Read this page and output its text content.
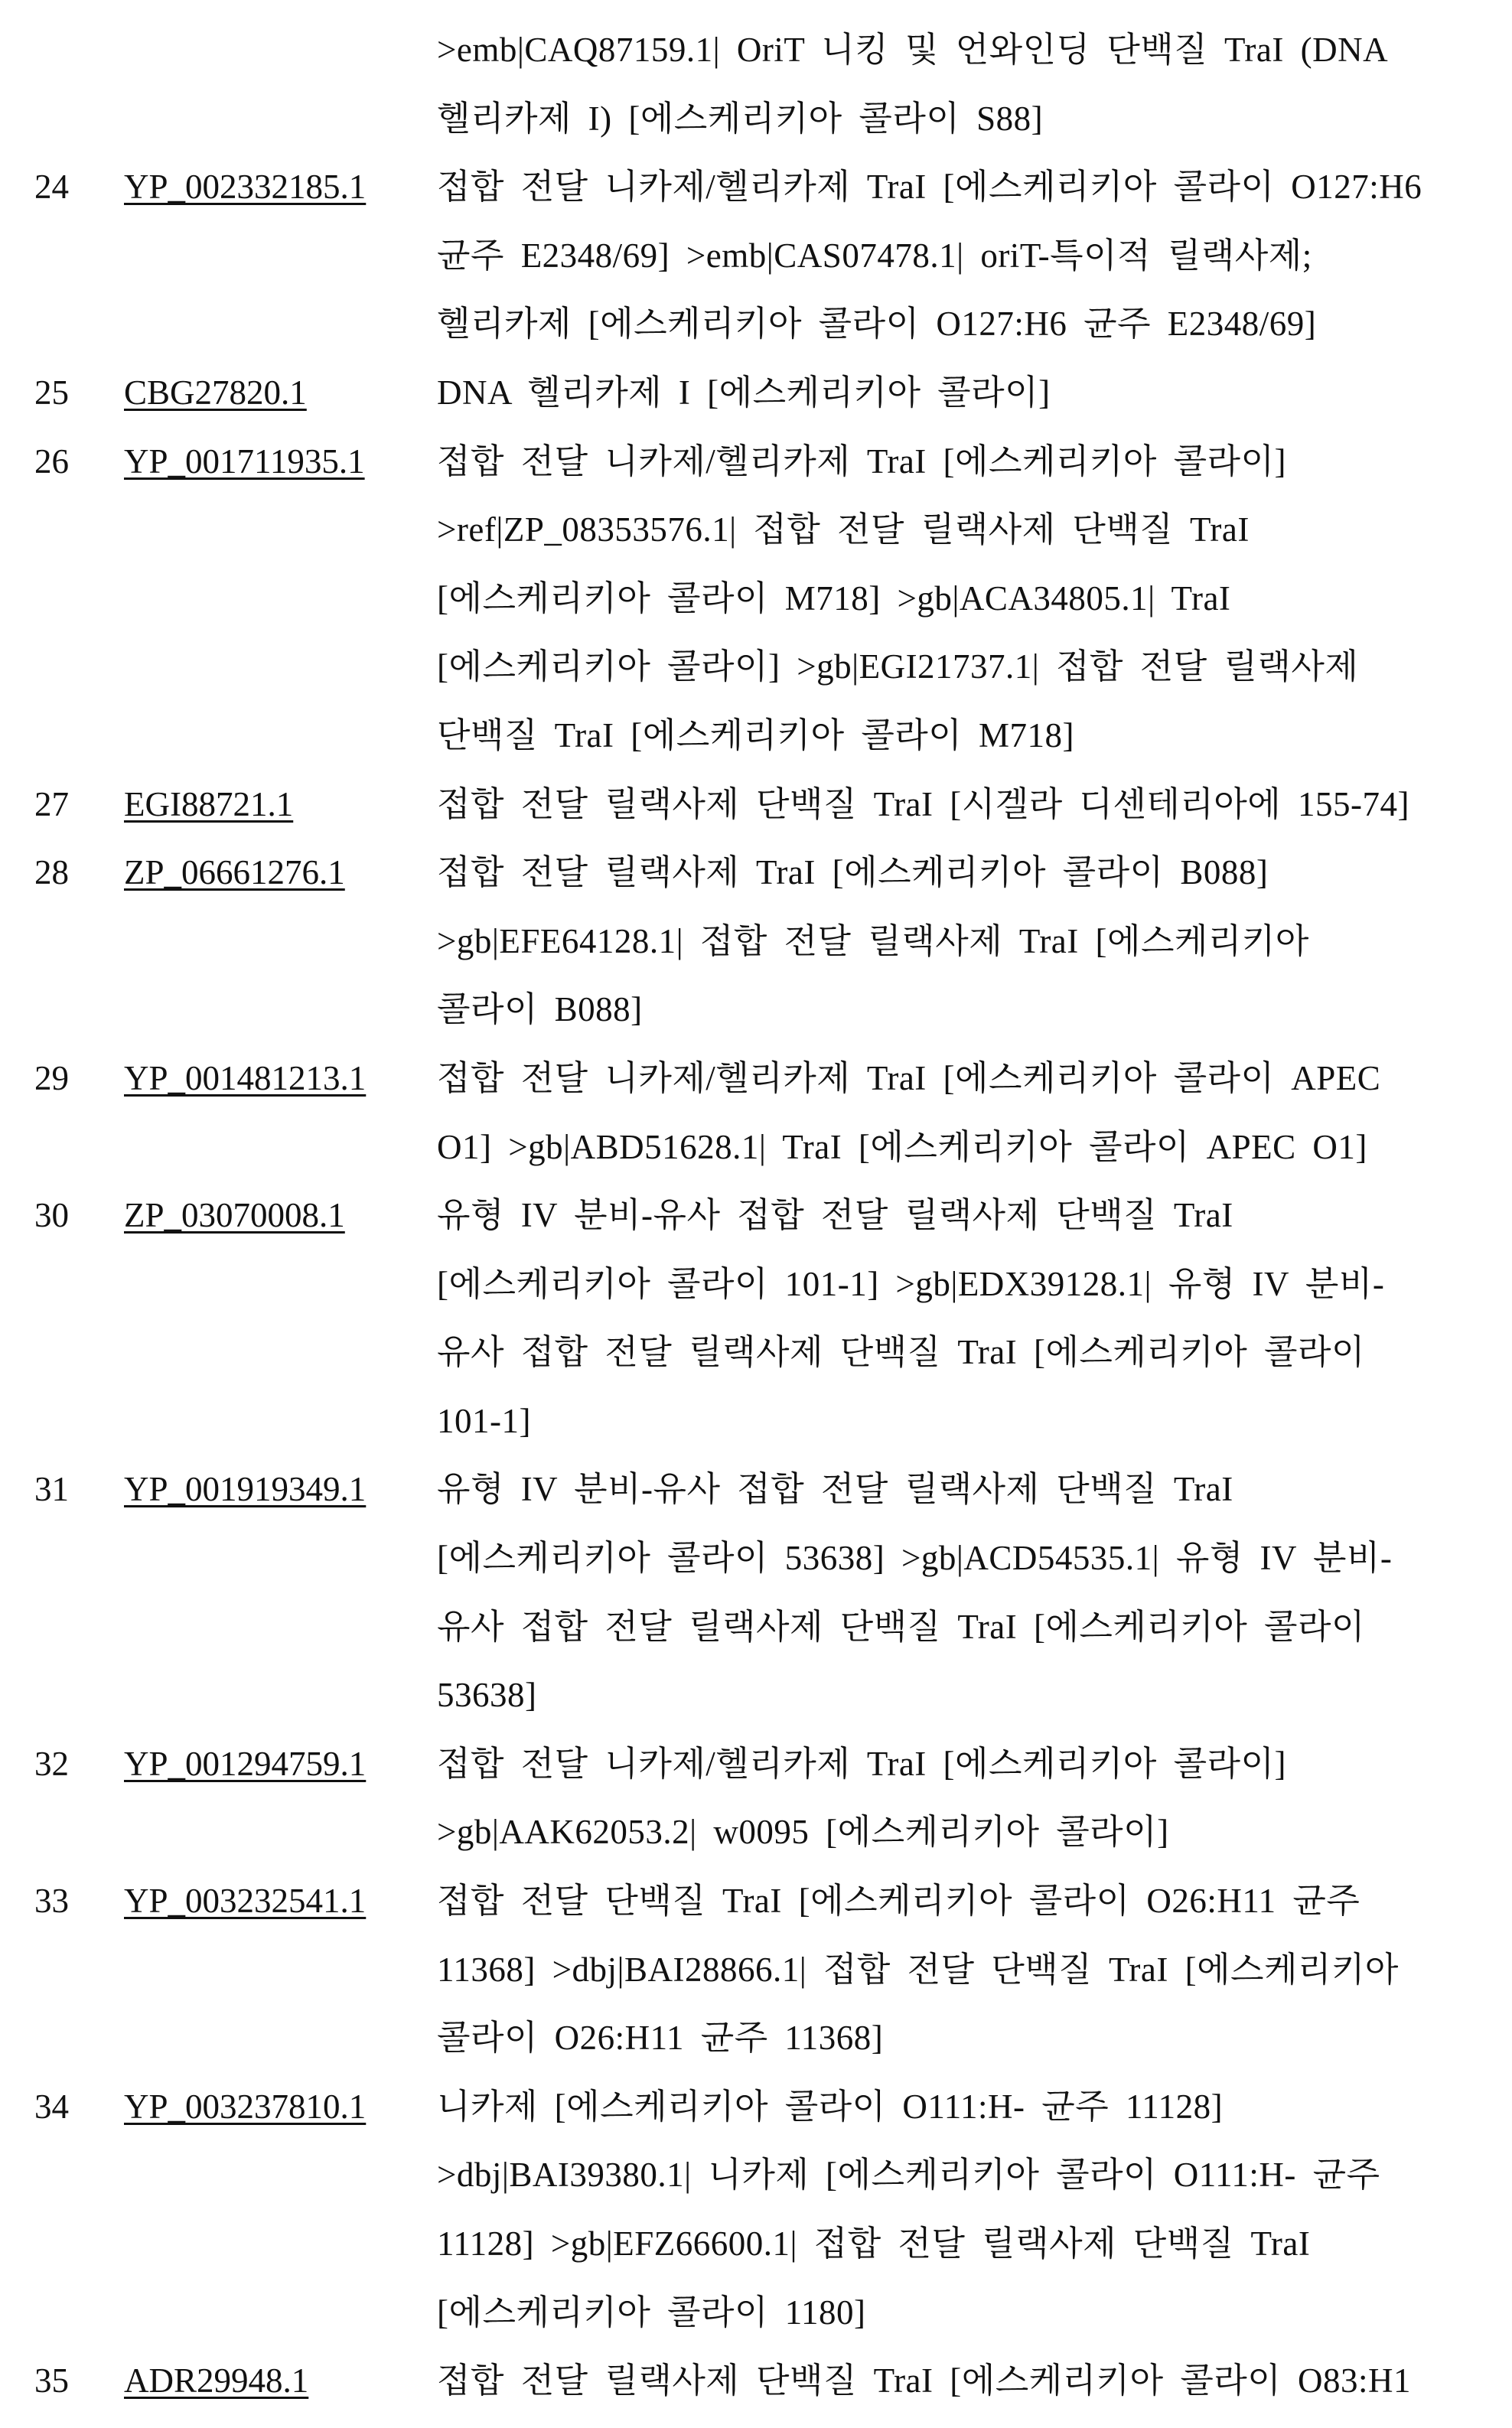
>emb|CAQ87159.1| OriT 니킹 및 언와인딩 단백질 TraI (DNA
헬리카제 I) [에스케리키아 콜라이 S88]
24 YP_002332185.1 접합 전달 니카제/헬리카제 TraI [에스케리키아 콜라이 O127:H6
균주 E2348/69] >emb|CAS07478.1| oriT-특이적 릴랙사제;
헬리카제 [에스케리키아 콜라이 O127:H6 균주 E2348/69]
25 CBG27820.1	DNA 헬리카제 I [에스케리키아 콜라이]
26 YP_001711935.1 접합 전달 니카제/헬리카제 TraI [에스케리키아 콜라이]
>ref|ZP_08353576.1| 접합 전달 릴랙사제 단백질 TraI
[에스케리키아 콜라이 M718] >gb|ACA34805.1| TraI
[에스케리키아 콜라이] >gb|EGI21737.1| 접합 전달 릴랙사제
단백질 TraI [에스케리키아 콜라이 M718]
27 EGI88721.1	접합 전달 릴랙사제 단백질 TraI [시겔라 디센테리아에 155-74]
28 ZP_06661276.1	접합 전달 릴랙사제 TraI [에스케리키아 콜라이 B088]
>gb|EFE64128.1| 접합 전달 릴랙사제 TraI [에스케리키아
콜라이 B088]
29 YP_001481213.1 접합 전달 니카제/헬리카제 TraI [에스케리키아 콜라이 APEC
O1] >gb|ABD51628.1| TraI [에스케리키아 콜라이 APEC O1]
30 ZP_03070008.1	유형 IV 분비-유사 접합 전달 릴랙사제 단백질 TraI
[에스케리키아 콜라이 101-1] >gb|EDX39128.1| 유형 IV 분비-
유사 접합 전달 릴랙사제 단백질 TraI [에스케리키아 콜라이
101-1]
31 YP_001919349.1 유형 IV 분비-유사 접합 전달 릴랙사제 단백질 TraI
[에스케리키아 콜라이 53638] >gb|ACD54535.1| 유형 IV 분비-
유사 접합 전달 릴랙사제 단백질 TraI [에스케리키아 콜라이
53638]
32 YP_001294759.1 접합 전달 니카제/헬리카제 TraI [에스케리키아 콜라이]
>gb|AAK62053.2| w0095 [에스케리키아 콜라이]
33 YP_003232541.1 접합 전달 단백질 TraI [에스케리키아 콜라이 O26:H11 균주
11368] >dbj|BAI28866.1| 접합 전달 단백질 TraI [에스케리키아
콜라이 O26:H11 균주 11368]
34 YP_003237810.1 니카제 [에스케리키아 콜라이 O111:H- 균주 11128]
>dbj|BAI39380.1| 니카제 [에스케리키아 콜라이 O111:H- 균주
11128] >gb|EFZ66600.1| 접합 전달 릴랙사제 단백질 TraI
[에스케리키아 콜라이 1180]
35 ADR29948.1	접합 전달 릴랙사제 단백질 TraI [에스케리키아 콜라이 O83:H1
